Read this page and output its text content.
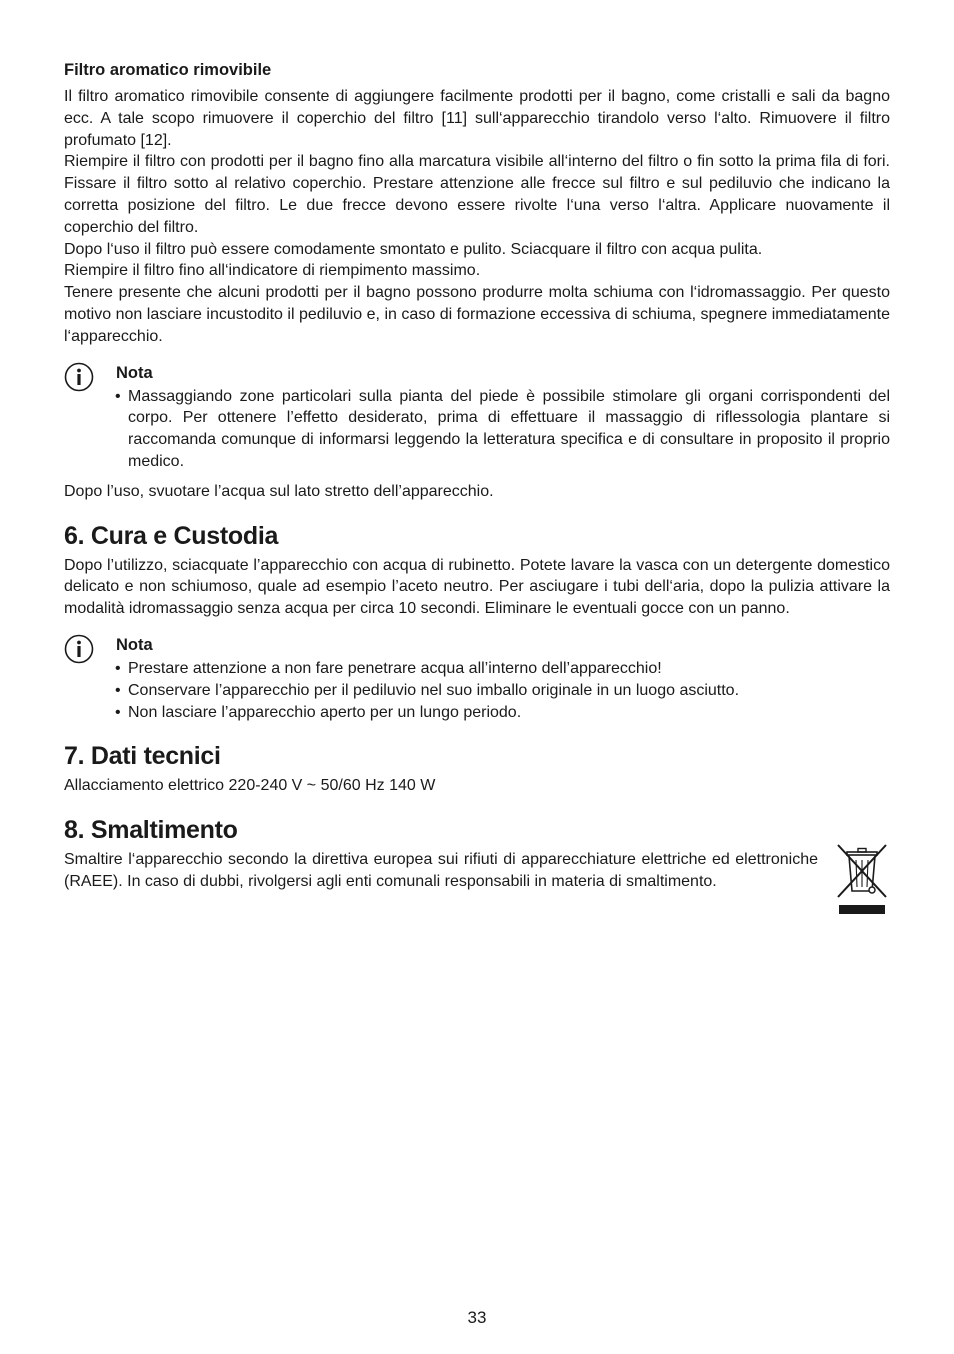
Filtro aromatico rimovibile

Il filtro aromatico rimovibile consente di aggiungere facilmente prodotti per il bagno, come cristalli e sali da bagno ecc. A tale scopo rimuovere il coperchio del filtro [11] sull‘apparecchio tirandolo verso l‘alto. Rimuovere il filtro profumato [12].

Riempire il filtro con prodotti per il bagno fino alla marcatura visibile all‘interno del filtro o fin sotto la prima fila di fori. Fissare il filtro sotto al relativo coperchio. Prestare attenzione alle frecce sul filtro e sul pediluvio che indicano la corretta posizione del filtro. Le due frecce devono essere rivolte l‘una verso l‘altra. Applicare nuovamente il coperchio del filtro.

Dopo l‘uso il filtro può essere comodamente smontato e pulito. Sciacquare il filtro con acqua pulita.

Riempire il filtro fino all‘indicatore di riempimento massimo.

Tenere presente che alcuni prodotti per il bagno possono produrre molta schiuma con l‘idromassaggio. Per questo motivo non lasciare incustodito il pediluvio e, in caso di formazione eccessiva di schiuma, spegnere immediatamente l‘apparecchio.

Nota
• Massaggiando zone particolari sulla pianta del piede è possibile stimolare gli organi corrispondenti del corpo. Per ottenere l’effetto desiderato, prima di effettuare il massaggio di riflessologia plantare si raccomanda comunque di informarsi leggendo la letteratura specifica e di consultare in proposito il proprio medico.

Dopo l’uso, svuotare l’acqua sul lato stretto dell’apparecchio.

6. Cura e Custodia

Dopo l’utilizzo, sciacquate l’apparecchio con acqua di rubinetto. Potete lavare la vasca con un detergente domestico delicato e non schiumoso, quale ad esempio l’aceto neutro. Per asciugare i tubi dell‘aria, dopo la pulizia attivare la modalità idromassaggio senza acqua per circa 10 secondi. Eliminare le eventuali gocce con un panno.

Nota
• Prestare attenzione a non fare penetrare acqua all’interno dell’apparecchio!
• Conservare l’apparecchio per il pediluvio nel suo imballo originale in un luogo asciutto.
• Non lasciare l’apparecchio aperto per un lungo periodo.
7. Dati tecnici

Allacciamento elettrico 220-240 V ~ 50/60 Hz 140 W

8. Smaltimento

Smaltire l‘apparecchio secondo la direttiva europea sui rifiuti di apparecchiature elettriche ed elettroniche (RAEE). In caso di dubbi, rivolgersi agli enti comunali responsabili in materia di smaltimento.

33
